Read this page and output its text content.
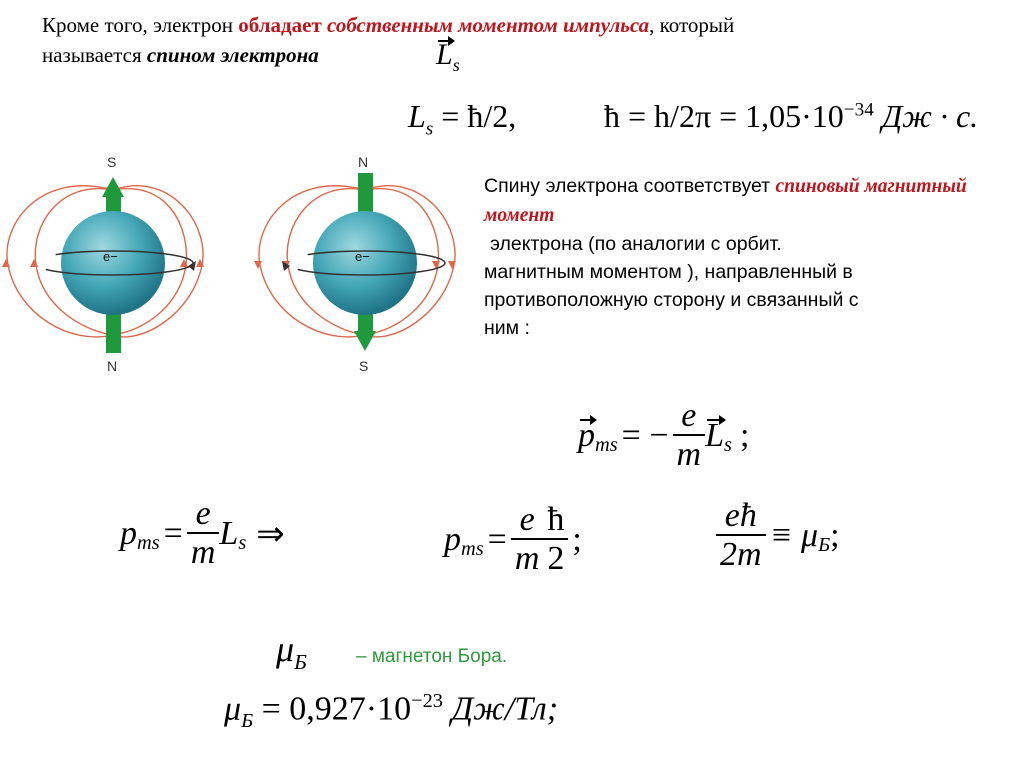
Кроме того, электрон обладает собственным моментом импульса, который
называется спином электрона	$L_s$
$L_s$ = ħ/2,	ħ = $h/2\pi = 1,05\cdot 10^{-34}$ Дж · с.
e−
S
N
e−
N
S
Спину электрона соответствует спиновый магнитный момент
электрона (по аналогии с орбит.
магнитным моментом ), направленный в
противоположную сторону и связанный с
ним :
$p_{ms}$ = − $\frac{e}{m} L_s$ ;
$p_{ms} = \frac{e}{m} L_s$ ⇒	$p_{ms} = \frac{e}{m} \frac{ħ}{2}$ ;	$\frac{eħ}{2m} \equiv \mu_Б$ ;
$\mu_Б$	– магнетон Бора.
$\mu_Б = 0,927\cdot 10^{-23}$ Дж/Тл;
